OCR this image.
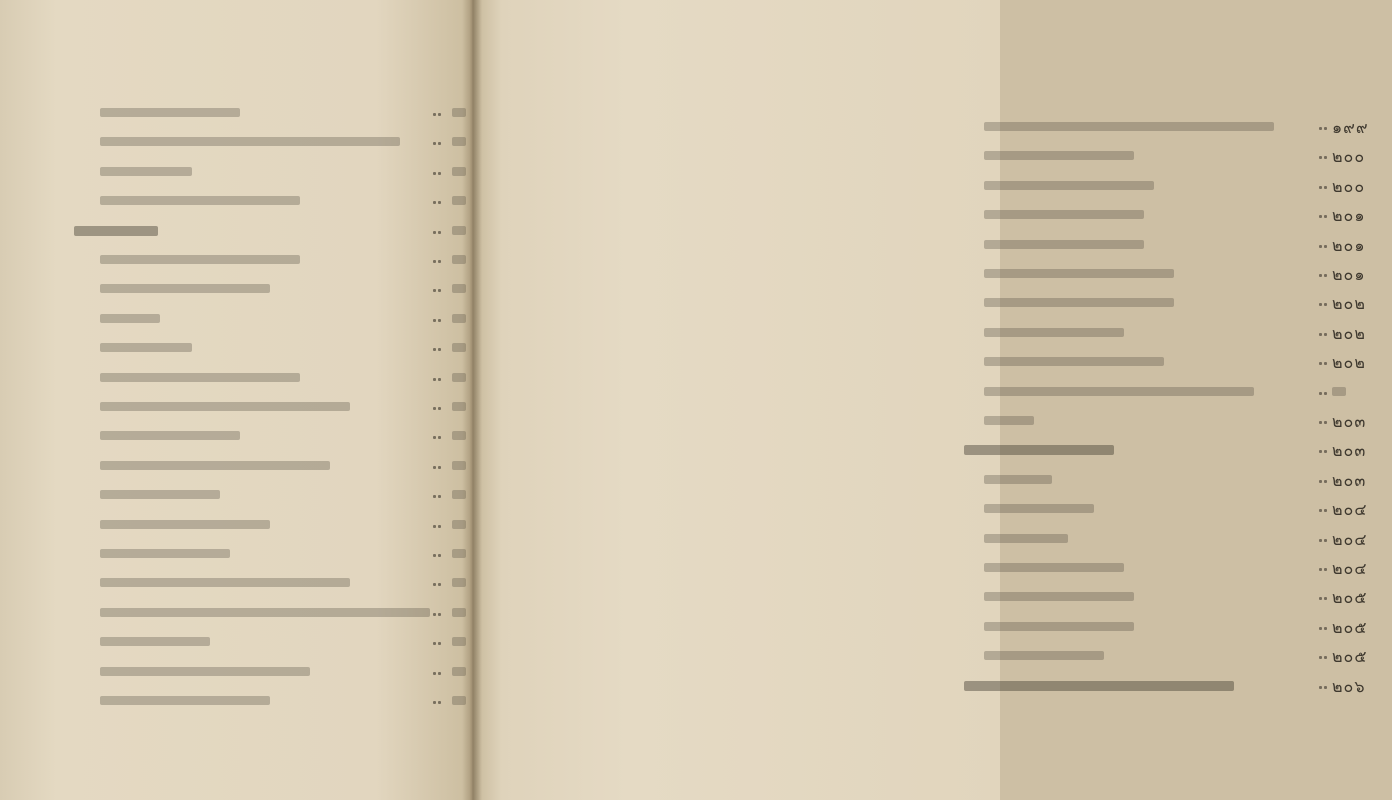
๑๙๙
๒๐๐
๒๐๐
๒๐๑
๒๐๑
๒๐๑
๒๐๒
๒๐๒
๒๐๒
๒๐๓
๒๐๓
๒๐๓
๒๐๔
๒๐๔
๒๐๔
๒๐๕
๒๐๕
๒๐๕
๒๐๖
